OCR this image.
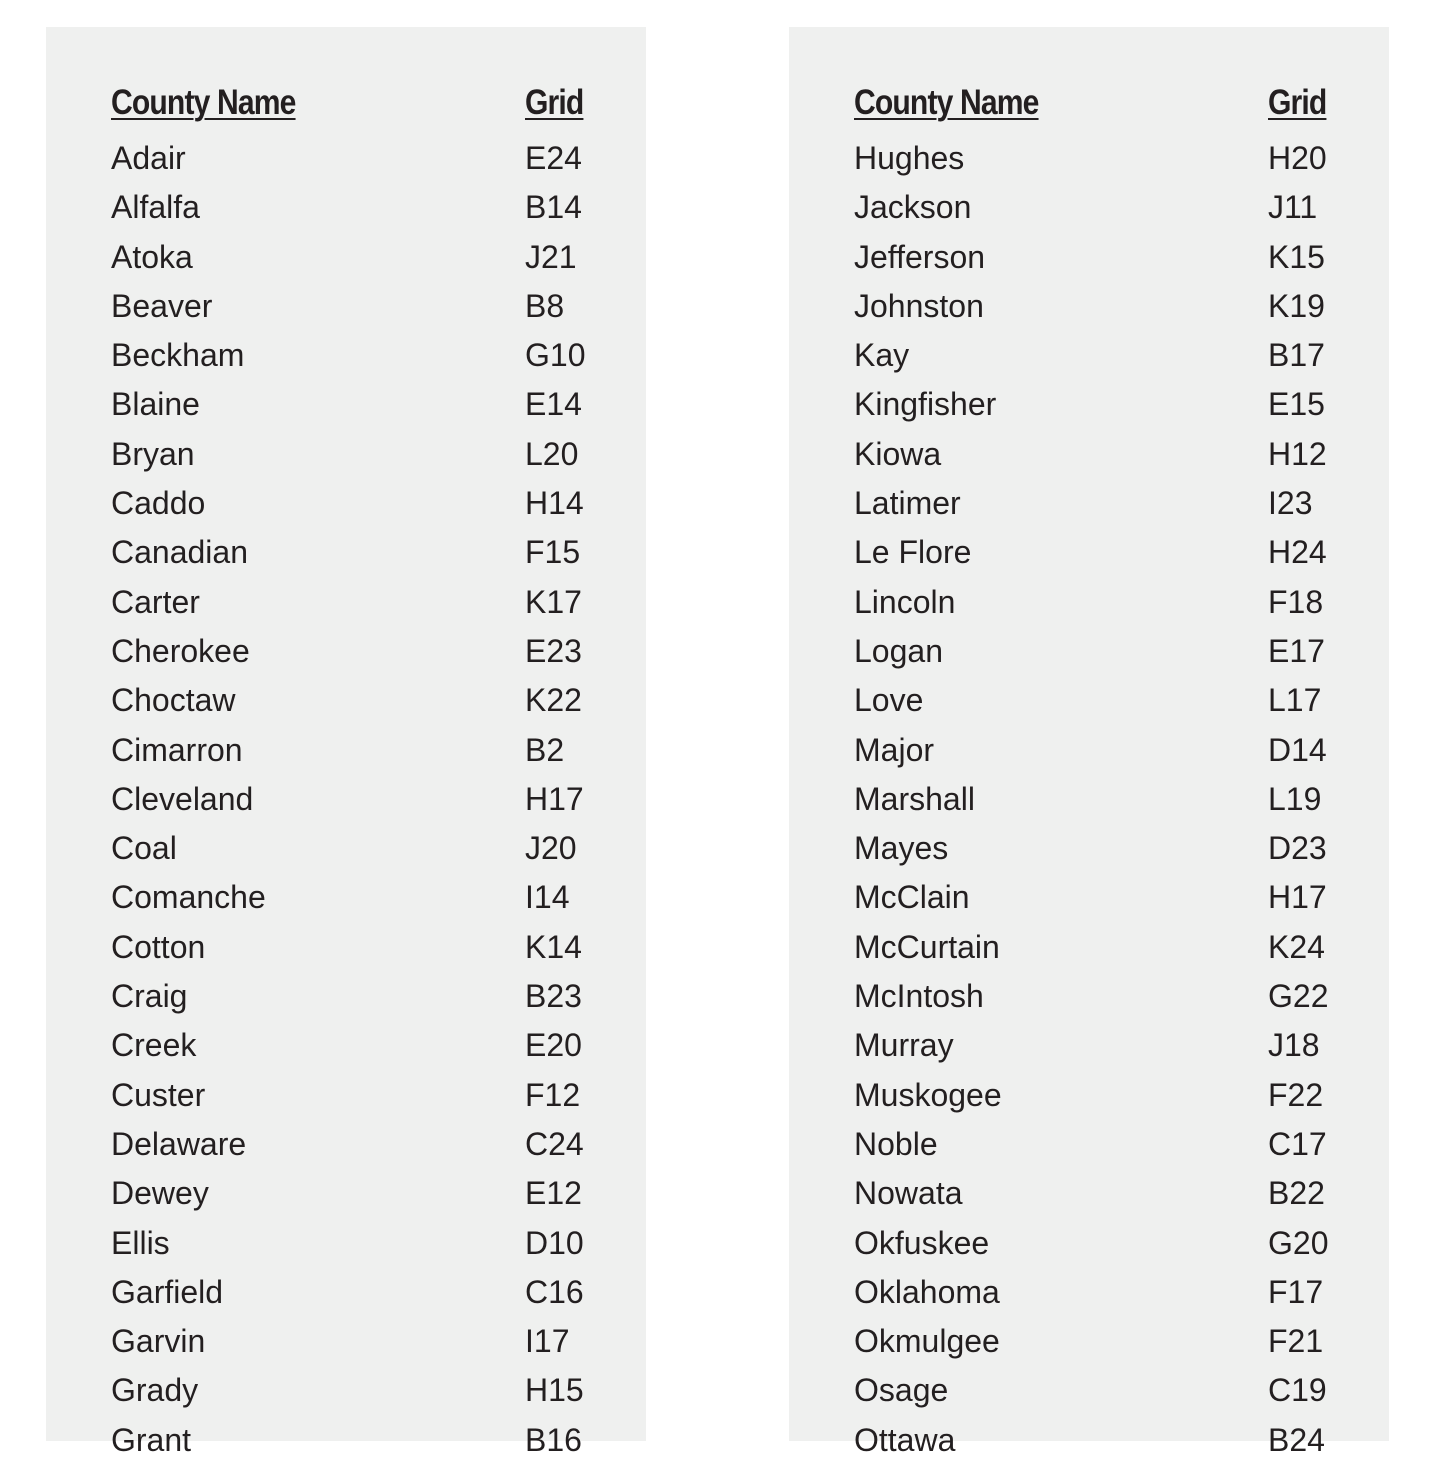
County Name	Grid
Adair	E24
Alfalfa	B14
Atoka	J21
Beaver	B8
Beckham	G10
Blaine	E14
Bryan	L20
Caddo	H14
Canadian	F15
Carter	K17
Cherokee	E23
Choctaw	K22
Cimarron	B2
Cleveland	H17
Coal	J20
Comanche	I14
Cotton	K14
Craig	B23
Creek	E20
Custer	F12
Delaware	C24
Dewey	E12
Ellis	D10
Garfield	C16
Garvin	I17
Grady	H15
Grant	B16
County Name	Grid
Hughes	H20
Jackson	J11
Jefferson	K15
Johnston	K19
Kay	B17
Kingfisher	E15
Kiowa	H12
Latimer	I23
Le Flore	H24
Lincoln	F18
Logan	E17
Love	L17
Major	D14
Marshall	L19
Mayes	D23
McClain	H17
McCurtain	K24
McIntosh	G22
Murray	J18
Muskogee	F22
Noble	C17
Nowata	B22
Okfuskee	G20
Oklahoma	F17
Okmulgee	F21
Osage	C19
Ottawa	B24
